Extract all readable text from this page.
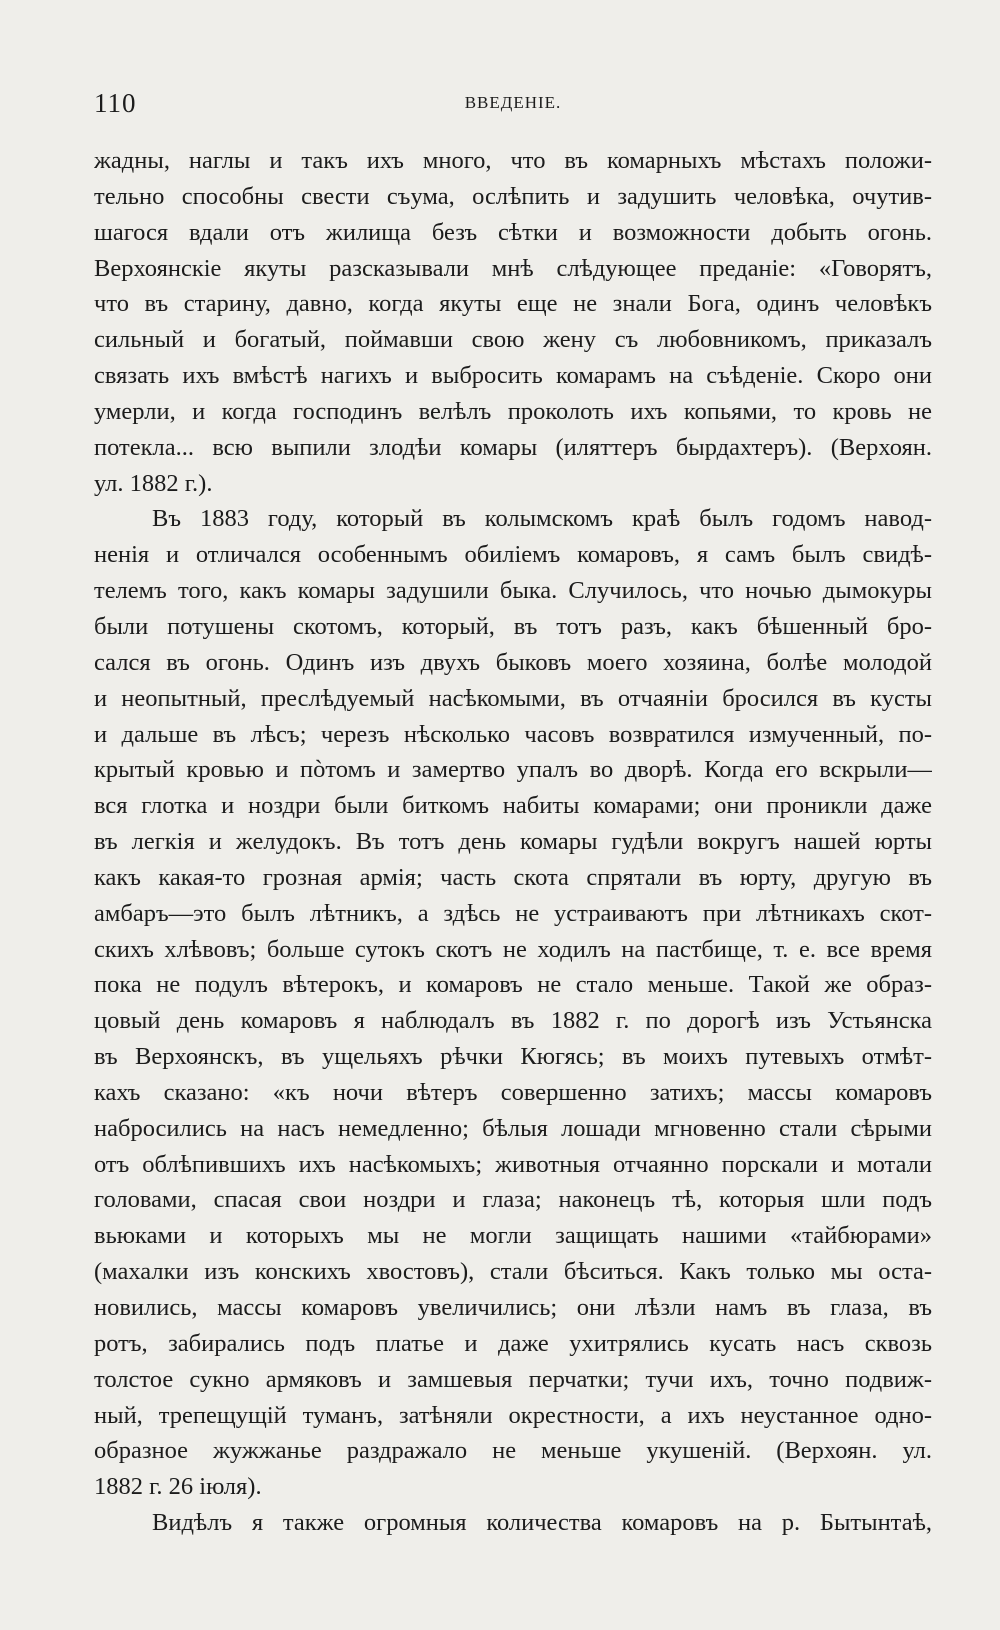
110	ВВЕДЕНІЕ.
жадны, наглы и такъ ихъ много, что въ комарныхъ мѣстахъ положи-
тельно способны свести съума, ослѣпить и задушить человѣка, очутив-
шагося вдали отъ жилища безъ сѣтки и возможности добыть огонь.
Верхоянскіе якуты разсказывали мнѣ слѣдующее преданіе: «Говорятъ,
что въ старину, давно, когда якуты еще не знали Бога, одинъ человѣкъ
сильный и богатый, поймавши свою жену съ любовникомъ, приказалъ
связать ихъ вмѣстѣ нагихъ и выбросить комарамъ на съѣденіе. Скоро они
умерли, и когда господинъ велѣлъ проколоть ихъ копьями, то кровь не
потекла... всю выпили злодѣи комары (иляттеръ бырдахтеръ). (Верхоян.
ул. 1882 г.).
Въ 1883 году, который въ колымскомъ краѣ былъ годомъ навод-
ненія и отличался особеннымъ обиліемъ комаровъ, я самъ былъ свидѣ-
телемъ того, какъ комары задушили быка. Случилось, что ночью дымокуры
были потушены скотомъ, который, въ тотъ разъ, какъ бѣшенный бро-
сался въ огонь. Одинъ изъ двухъ быковъ моего хозяина, болѣе молодой
и неопытный, преслѣдуемый насѣкомыми, въ отчаяніи бросился въ кусты
и дальше въ лѣсъ; черезъ нѣсколько часовъ возвратился измученный, по-
крытый кровью и пòтомъ и замертво упалъ во дворѣ. Когда его вскрыли—
вся глотка и ноздри были биткомъ набиты комарами; они проникли даже
въ легкія и желудокъ. Въ тотъ день комары гудѣли вокругъ нашей юрты
какъ какая-то грозная армія; часть скота спрятали въ юрту, другую въ
амбаръ—это былъ лѣтникъ, а здѣсь не устраиваютъ при лѣтникахъ скот-
скихъ хлѣвовъ; больше сутокъ скотъ не ходилъ на пастбище, т. е. все время
пока не подулъ вѣтерокъ, и комаровъ не стало меньше. Такой же образ-
цовый день комаровъ я наблюдалъ въ 1882 г. по дорогѣ изъ Устьянска
въ Верхоянскъ, въ ущельяхъ рѣчки Кюгясь; въ моихъ путевыхъ отмѣт-
кахъ сказано: «къ ночи вѣтеръ совершенно затихъ; массы комаровъ
набросились на насъ немедленно; бѣлыя лошади мгновенно стали сѣрыми
отъ облѣпившихъ ихъ насѣкомыхъ; животныя отчаянно порскали и мотали
головами, спасая свои ноздри и глаза; наконецъ тѣ, которыя шли подъ
вьюками и которыхъ мы не могли защищать нашими «тайбюрами»
(махалки изъ конскихъ хвостовъ), стали бѣситься. Какъ только мы оста-
новились, массы комаровъ увеличились; они лѣзли намъ въ глаза, въ
ротъ, забирались подъ платье и даже ухитрялись кусать насъ сквозь
толстое сукно армяковъ и замшевыя перчатки; тучи ихъ, точно подвиж-
ный, трепещущій туманъ, затѣняли окрестности, а ихъ неустанное одно-
образное жужжанье раздражало не меньше укушеній. (Верхоян. ул.
1882 г. 26 іюля).
Видѣлъ я также огромныя количества комаровъ на р. Бытынтаѣ,
